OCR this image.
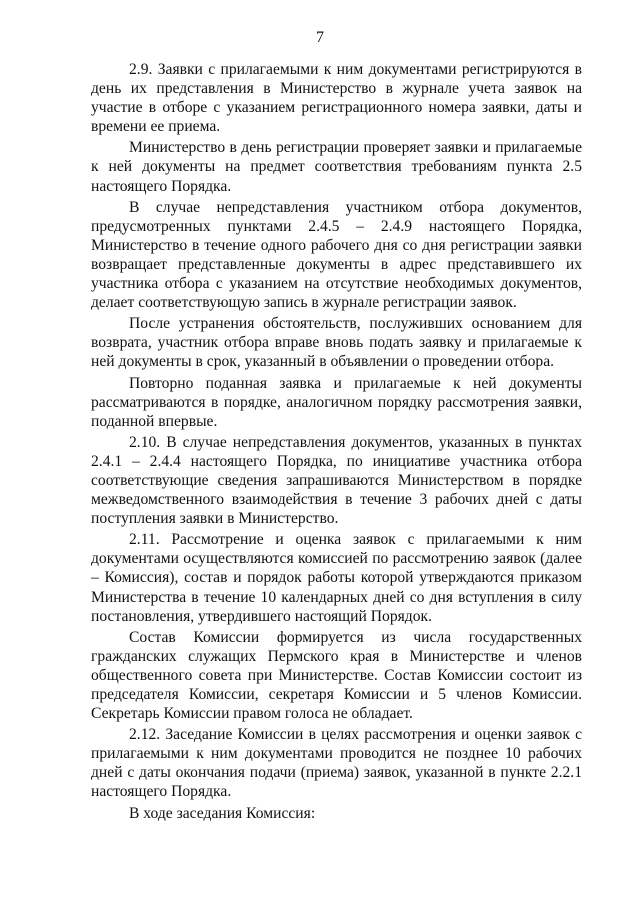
7

2.9. Заявки с прилагаемыми к ним документами регистрируются в день их представления в Министерство в журнале учета заявок на участие в отборе с указанием регистрационного номера заявки, даты и времени ее приема.

Министерство в день регистрации проверяет заявки и прилагаемые к ней документы на предмет соответствия требованиям пункта 2.5 настоящего Порядка.

В случае непредставления участником отбора документов, предусмотренных пунктами 2.4.5 – 2.4.9 настоящего Порядка, Министерство в течение одного рабочего дня со дня регистрации заявки возвращает представленные документы в адрес представившего их участника отбора с указанием на отсутствие необходимых документов, делает соответствующую запись в журнале регистрации заявок.

После устранения обстоятельств, послуживших основанием для возврата, участник отбора вправе вновь подать заявку и прилагаемые к ней документы в срок, указанный в объявлении о проведении отбора.

Повторно поданная заявка и прилагаемые к ней документы рассматриваются в порядке, аналогичном порядку рассмотрения заявки, поданной впервые.

2.10. В случае непредставления документов, указанных в пунктах 2.4.1 – 2.4.4 настоящего Порядка, по инициативе участника отбора соответствующие сведения запрашиваются Министерством в порядке межведомственного взаимодействия в течение 3 рабочих дней с даты поступления заявки в Министерство.

2.11. Рассмотрение и оценка заявок с прилагаемыми к ним документами осуществляются комиссией по рассмотрению заявок (далее – Комиссия), состав и порядок работы которой утверждаются приказом Министерства в течение 10 календарных дней со дня вступления в силу постановления, утвердившего настоящий Порядок.

Состав Комиссии формируется из числа государственных гражданских служащих Пермского края в Министерстве и членов общественного совета при Министерстве. Состав Комиссии состоит из председателя Комиссии, секретаря Комиссии и 5 членов Комиссии. Секретарь Комиссии правом голоса не обладает.

2.12. Заседание Комиссии в целях рассмотрения и оценки заявок с прилагаемыми к ним документами проводится не позднее 10 рабочих дней с даты окончания подачи (приема) заявок, указанной в пункте 2.2.1 настоящего Порядка.

В ходе заседания Комиссия:
